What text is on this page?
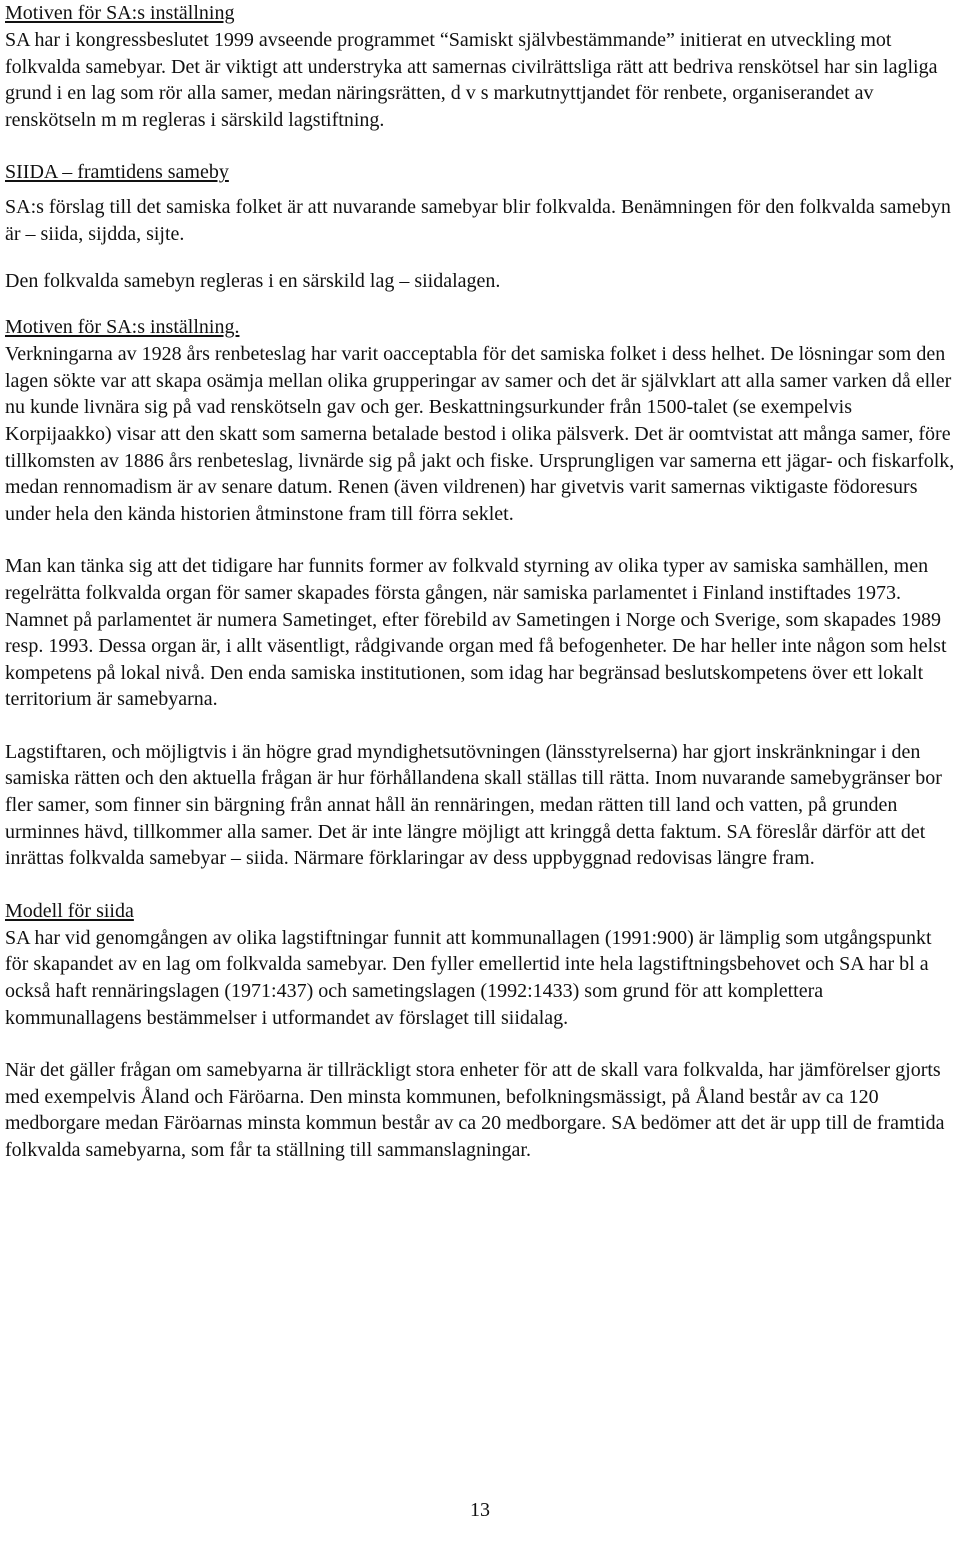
Motiven för SA:s inställning

SA har i kongressbeslutet 1999 avseende programmet “Samiskt självbestämmande” initierat en utveckling mot folkvalda samebyar. Det är viktigt att understryka att samernas civilrättsliga rätt att bedriva renskötsel har sin lagliga grund i en lag som rör alla samer, medan näringsrätten, d v s markutnyttjandet för renbete, organiserandet av renskötseln m m regleras i särskild lagstiftning.

SIIDA – framtidens sameby

SA:s förslag till det samiska folket är att nuvarande samebyar blir folkvalda. Benämningen för den folkvalda samebyn är – siida, sijdda, sijte.

Den folkvalda samebyn regleras i en särskild lag – siidalagen.

Motiven för SA:s inställning.

Verkningarna av 1928 års renbeteslag har varit oacceptabla för det samiska folket i dess helhet. De lösningar som den lagen sökte var att skapa osämja mellan olika grupperingar av samer och det är självklart att alla samer varken då eller nu kunde livnära sig på vad renskötseln gav och ger. Beskattningsurkunder från 1500-talet (se exempelvis Korpijaakko) visar att den skatt som samerna betalade bestod i olika pälsverk. Det är oomtvistat att många samer, före tillkomsten av 1886 års renbeteslag, livnärde sig på jakt och fiske. Ursprungligen var samerna ett jägar- och fiskarfolk, medan rennomadism är av senare datum. Renen (även vildrenen) har givetvis varit samernas viktigaste födoresurs under hela den kända historien åtminstone fram till förra seklet.

Man kan tänka sig att det tidigare har funnits former av folkvald styrning av olika typer av samiska samhällen, men regelrätta folkvalda organ för samer skapades första gången, när samiska parlamentet i Finland instiftades 1973. Namnet på parlamentet är numera Sametinget, efter förebild av Sametingen i Norge och Sverige, som skapades 1989 resp. 1993. Dessa organ är, i allt väsentligt, rådgivande organ med få befogenheter. De har heller inte någon som helst kompetens på lokal nivå. Den enda samiska institutionen, som idag har begränsad beslutskompetens över ett lokalt territorium är samebyarna.

Lagstiftaren, och möjligtvis i än högre grad myndighetsutövningen (länsstyrelserna) har gjort inskränkningar i den samiska rätten och den aktuella frågan är hur förhållandena skall ställas till rätta. Inom nuvarande samebygränser bor fler samer, som finner sin bärgning från annat håll än rennäringen, medan rätten till land och vatten, på grunden urminnes hävd, tillkommer alla samer. Det är inte längre möjligt att kringgå detta faktum. SA föreslår därför att det inrättas folkvalda samebyar – siida. Närmare förklaringar av dess uppbyggnad redovisas längre fram.

Modell för siida

SA har vid genomgången av olika lagstiftningar funnit att kommunallagen (1991:900) är lämplig som utgångspunkt för skapandet av en lag om folkvalda samebyar. Den fyller emellertid inte hela lagstiftningsbehovet och SA har bl a också haft rennäringslagen (1971:437) och sametingslagen (1992:1433) som grund för att komplettera kommunallagens bestämmelser i utformandet av förslaget till siidalag.

När det gäller frågan om samebyarna är tillräckligt stora enheter för att de skall vara folkvalda, har jämförelser gjorts med exempelvis Åland och Färöarna. Den minsta kommunen, befolkningsmässigt, på Åland består av ca 120 medborgare medan Färöarnas minsta kommun består av ca 20 medborgare. SA bedömer att det är upp till de framtida folkvalda samebyarna, som får ta ställning till sammanslagningar.

13
